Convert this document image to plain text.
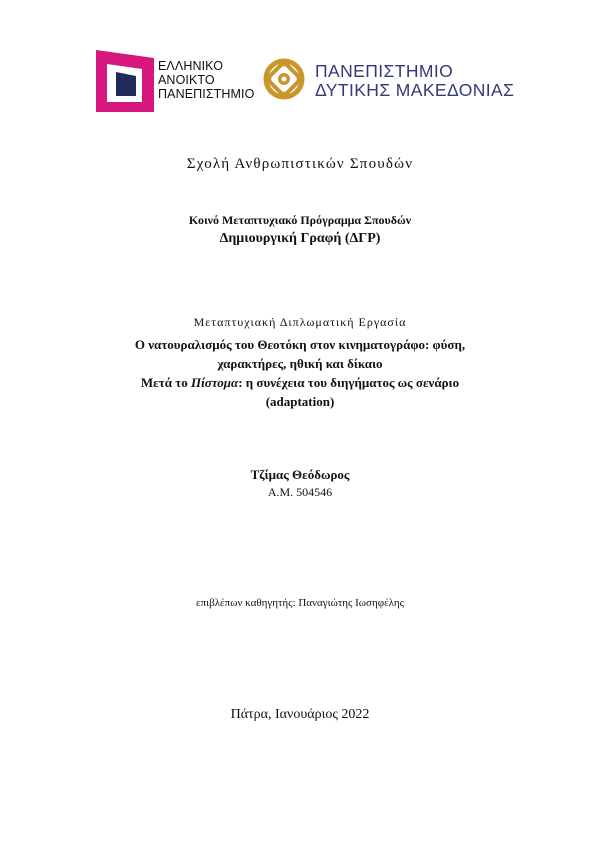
ΕΛΛΗΝΙΚΟ
ΑΝΟΙΚΤΟ
ΠΑΝΕΠΙΣΤΗΜΙΟ
ΠΑΝΕΠΙΣΤΗΜΙΟ
ΔΥΤΙΚΗΣ ΜΑΚΕΔΟΝΙΑΣ
Σχολή Ανθρωπιστικών Σπουδών
Κοινό Μεταπτυχιακό Πρόγραμμα Σπουδών
Δημιουργική Γραφή (ΔΓΡ)
Μεταπτυχιακή Διπλωματική Εργασία
Ο νατουραλισμός του Θεοτόκη στον κινηματογράφο: φύση,
χαρακτήρες, ηθική και δίκαιο
Μετά το Πίστομα: η συνέχεια του διηγήματος ως σενάριο
(adaptation)
Τζίμας Θεόδωρος
Α.Μ. 504546
επιβλέπων καθηγητής: Παναγιώτης Ιωσηφέλης
Πάτρα, Ιανουάριος 2022
